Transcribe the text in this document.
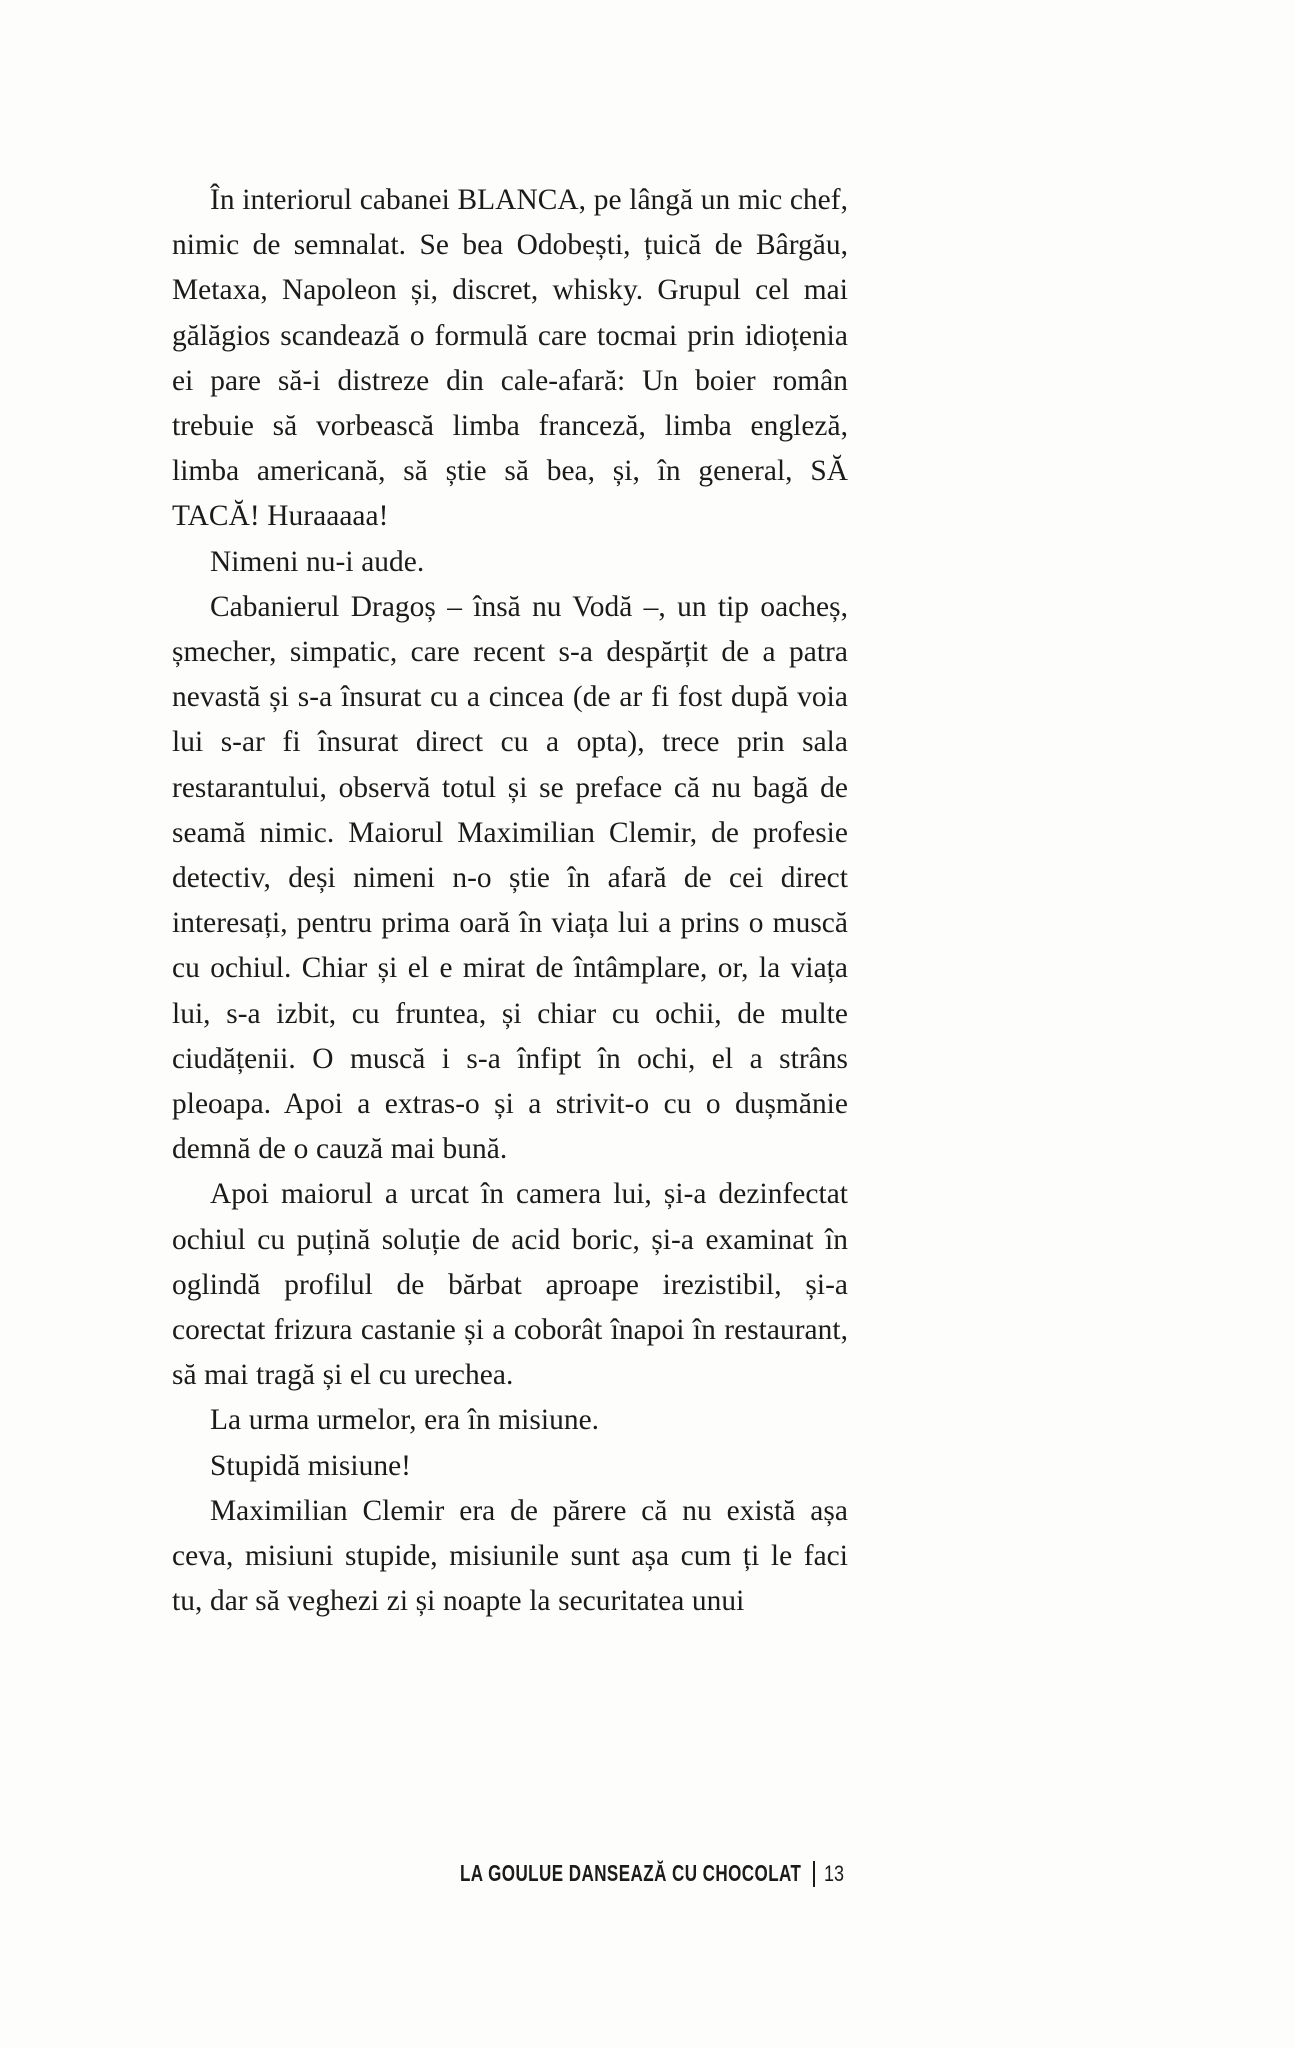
În interiorul cabanei BLANCA, pe lângă un mic chef, nimic de semnalat. Se bea Odobești, țuică de Bârgău, Metaxa, Napoleon și, discret, whisky. Grupul cel mai gălăgios scandează o formulă care tocmai prin idioțenia ei pare să-i distreze din cale-afară: Un boier român trebuie să vorbească limba franceză, limba engleză, limba americană, să știe să bea, și, în general, SĂ TACĂ! Huraaaaa!

Nimeni nu-i aude.

Cabanierul Dragoș – însă nu Vodă –, un tip oacheș, șmecher, simpatic, care recent s-a despărțit de a patra nevastă și s-a însurat cu a cincea (de ar fi fost după voia lui s-ar fi însurat direct cu a opta), trece prin sala restarantului, observă totul și se preface că nu bagă de seamă nimic. Maiorul Maximilian Clemir, de profesie detectiv, deși nimeni n-o știe în afară de cei direct interesați, pentru prima oară în viața lui a prins o muscă cu ochiul. Chiar și el e mirat de întâmplare, or, la viața lui, s-a izbit, cu fruntea, și chiar cu ochii, de multe ciudățenii. O muscă i s-a înfipt în ochi, el a strâns pleoapa. Apoi a extras-o și a strivit-o cu o dușmănie demnă de o cauză mai bună.

Apoi maiorul a urcat în camera lui, și-a dezinfectat ochiul cu puțină soluție de acid boric, și-a examinat în oglindă profilul de bărbat aproape irezistibil, și-a corectat frizura castanie și a coborât înapoi în restaurant, să mai tragă și el cu urechea.

La urma urmelor, era în misiune.

Stupidă misiune!

Maximilian Clemir era de părere că nu există așa ceva, misiuni stupide, misiunile sunt așa cum ți le faci tu, dar să veghezi zi și noapte la securitatea unui

LA GOULUE DANSEAZĂ CU CHOCOLAT 13
